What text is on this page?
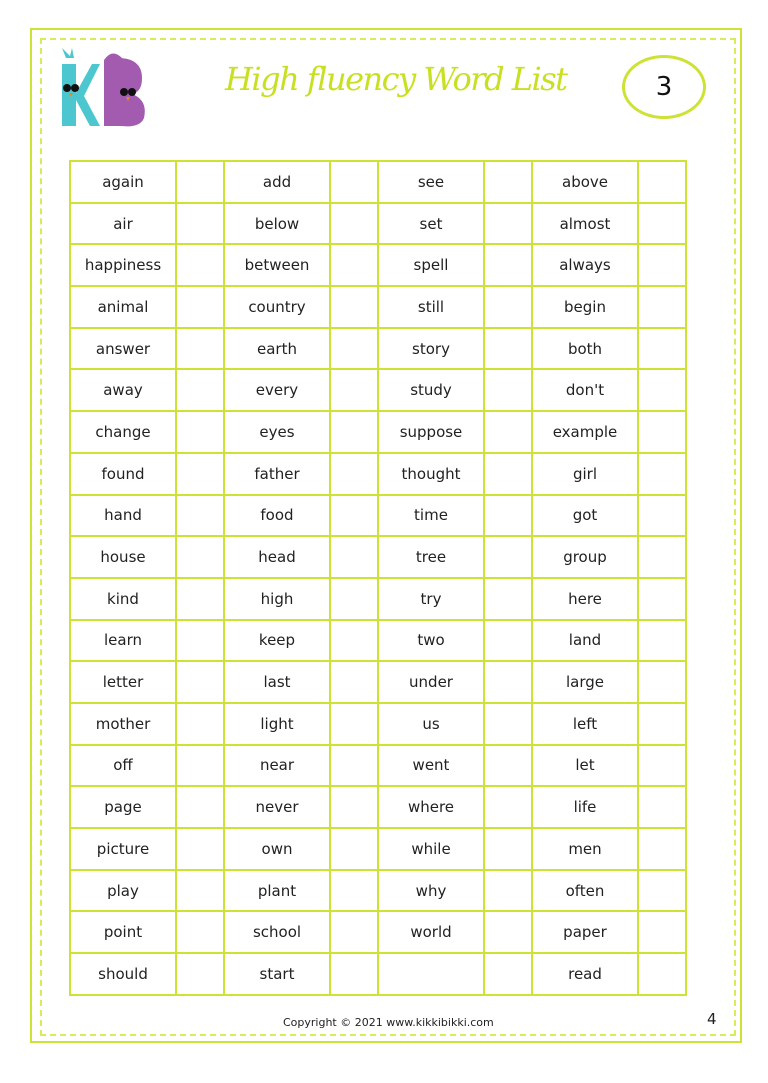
High fluency Word List	3
again		add		see		above	
air		below		set		almost	
happiness		between		spell		always	
animal		country		still		begin	
answer		earth		story		both	
away		every		study		don't	
change		eyes		suppose		example	
found		father		thought		girl	
hand		food		time		got	
house		head		tree		group	
kind		high		try		here	
learn		keep		two		land	
letter		last		under		large	
mother		light		us		left	
off		near		went		let	
page		never		where		life	
picture		own		while		men	
play		plant		why		often	
point		school		world		paper	
should		start				read	
Copyright © 2021 www.kikkibikki.com	4
